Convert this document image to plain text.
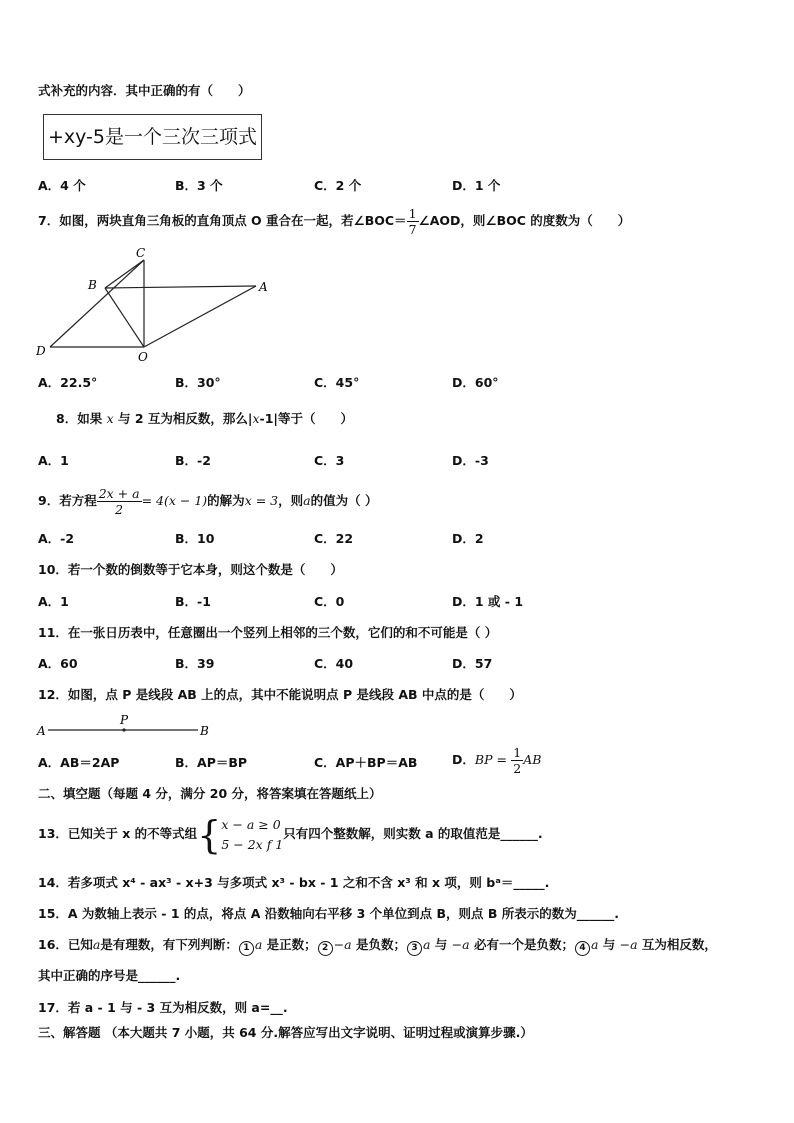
式补充的内容．其中正确的有（　　）
+xy-5是一个三次三项式
A．4 个	B．3 个	C．2 个	D．1 个
7．如图，两块直角三角板的直角顶点 O 重合在一起，若∠BOC＝ $\frac{1}{7}$ ∠AOD，则∠BOC 的度数为（　　）
C
B	A
D	O
A．22.5°	B．30°	C．45°	D．60°
8．如果 x 与 2 互为相反数，那么|x-1|等于（　　）
A．1	B．-2	C．3	D．-3
9．若方程 $\frac{2x + a}{2} = 4(x - 1)$的解为x = 3，则a的值为（ ）
A．-2	B．10	C．22	D．2
10．若一个数的倒数等于它本身，则这个数是（　　）
A．1	B．-1	C．0	D．1 或 - 1
11．在一张日历表中，任意圈出一个竖列上相邻的三个数，它们的和不可能是（ ）
A．60	B．39	C．40	D．57
12．如图，点 P 是线段 AB 上的点，其中不能说明点 P 是线段 AB 中点的是（　　）
A
P
B
A．AB＝2AP	B．AP＝BP	C．AP＋BP＝AB	D．BP = $\frac{1}{2}$ AB
二、填空题（每题 4 分，满分 20 分，将答案填在答题纸上）
13．已知关于 x 的不等式组{ x − a ≥ 0
5 − 2x f 1
只有四个整数解，则实数 a 的取值范是______.
14．若多项式 x⁴ - ax³ - x+3 与多项式 x³ - bx - 1 之和不含 x³ 和 x 项，则 bᵃ＝_____.
15．A 为数轴上表示 - 1 的点，将点 A 沿数轴向右平移 3 个单位到点 B，则点 B 所表示的数为______.
16．已知a是有理数，有下列判断： 1 a 是正数； 2 −a 是负数； 3 a 与 −a 必有一个是负数； 4 a 与 −a 互为相反数，
其中正确的序号是______.
17．若 a - 1 与 - 3 互为相反数，则 a=__.
三、解答题 （本大题共 7 小题，共 64 分.解答应写出文字说明、证明过程或演算步骤.）
